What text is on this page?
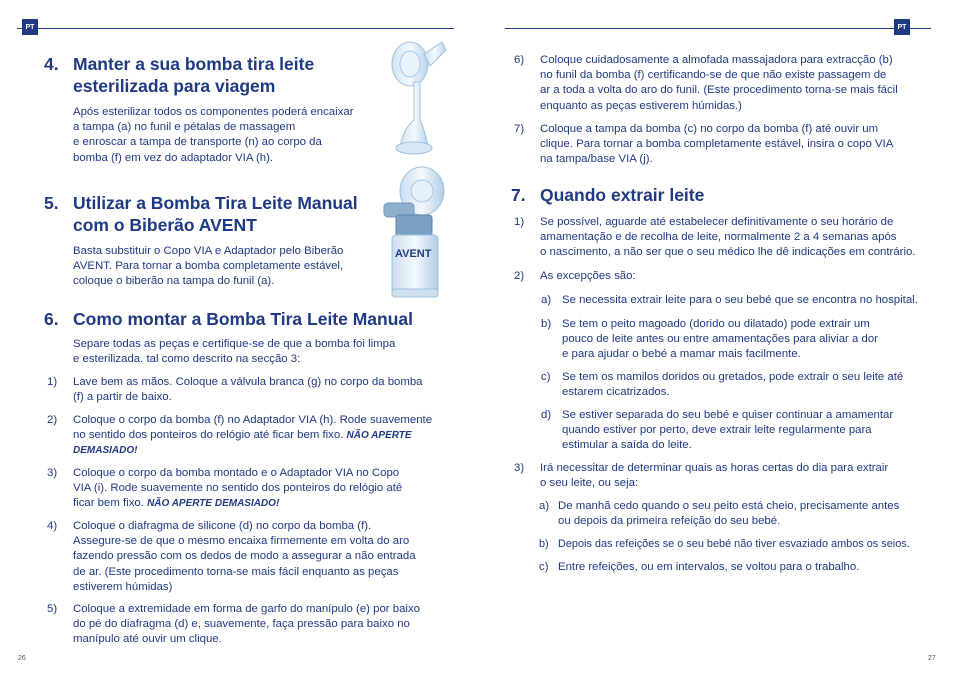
PT
4. Manter a sua bomba tira leite
esterilizada para viagem
Após esterilizar todos os componentes poderá encaixar
a tampa (a) no funil e pétalas de massagem
e enroscar a tampa de transporte (n) ao corpo da
bomba (f) em vez do adaptador VIA (h).
5. Utilizar a Bomba Tira Leite Manual
com o Biberão AVENT
Basta substituir o Copo VIA e Adaptador pelo Biberão
AVENT. Para tornar a bomba completamente estável,
coloque o biberão na tampa do funil (a).
6. Como montar a Bomba Tira Leite Manual
Separe todas as peças e certifique-se de que a bomba foi limpa
e esterilizada. tal como descrito na secção 3:
1) Lave bem as mãos. Coloque a válvula branca (g) no corpo da bomba
(f) a partir de baixo.
2) Coloque o corpo da bomba (f) no Adaptador VIA (h). Rode suavemente
no sentido dos ponteiros do relógio até ficar bem fixo. NÃO APERTE
DEMASIADO!
3) Coloque o corpo da bomba montado e o Adaptador VIA no Copo
VIA (i). Rode suavemente no sentido dos ponteiros do relógio até
ficar bem fixo. NÃO APERTE DEMASIADO!
4) Coloque o diafragma de silicone (d) no corpo da bomba (f).
Assegure-se de que o mesmo encaixa firmemente em volta do aro
fazendo pressão com os dedos de modo a assegurar a não entrada
de ar. (Este procedimento torna-se mais fácil enquanto as peças
estiverem húmidas)
5) Coloque a extremidade em forma de garfo do manípulo (e) por baixo
do pé do diafragma (d) e, suavemente, faça pressão para baixo no
manípulo até ouvir um clique.
26
AVENT
PT
6) Coloque cuidadosamente a almofada massajadora para extracção (b)
no funil da bomba (f) certificando-se de que não existe passagem de
ar a toda a volta do aro do funil. (Este procedimento torna-se mais fácil
enquanto as peças estiverem húmidas.)
7) Coloque a tampa da bomba (c) no corpo da bomba (f) até ouvir um
clique. Para tornar a bomba completamente estável, insira o copo VIA
na tampa/base VIA (j).
7. Quando extrair leite
1) Se possível, aguarde até estabelecer definitivamente o seu horário de
amamentação e de recolha de leite, normalmente 2 a 4 semanas após
o nascimento, a não ser que o seu médico lhe dê indicações em contrário.
2) As excepções são:
a) Se necessita extrair leite para o seu bebé que se encontra no hospital.
b) Se tem o peito magoado (dorido ou dilatado) pode extrair um
pouco de leite antes ou entre amamentações para aliviar a dor
e para ajudar o bebé a mamar mais facilmente.
c) Se tem os mamilos doridos ou gretados, pode extrair o seu leite até
estarem cicatrizados.
d) Se estiver separada do seu bebé e quiser continuar a amamentar
quando estiver por perto, deve extrair leite regularmente para
estimular a saída do leite.
3) Irá necessitar de determinar quais as horas certas do dia para extrair
o seu leite, ou seja:
a) De manhã cedo quando o seu peito está cheio, precisamente antes
ou depois da primeira refeição do seu bebé.
b) Depois das refeições se o seu bebé não tiver esvaziado ambos os seios.
c) Entre refeições, ou em intervalos, se voltou para o trabalho.
27
